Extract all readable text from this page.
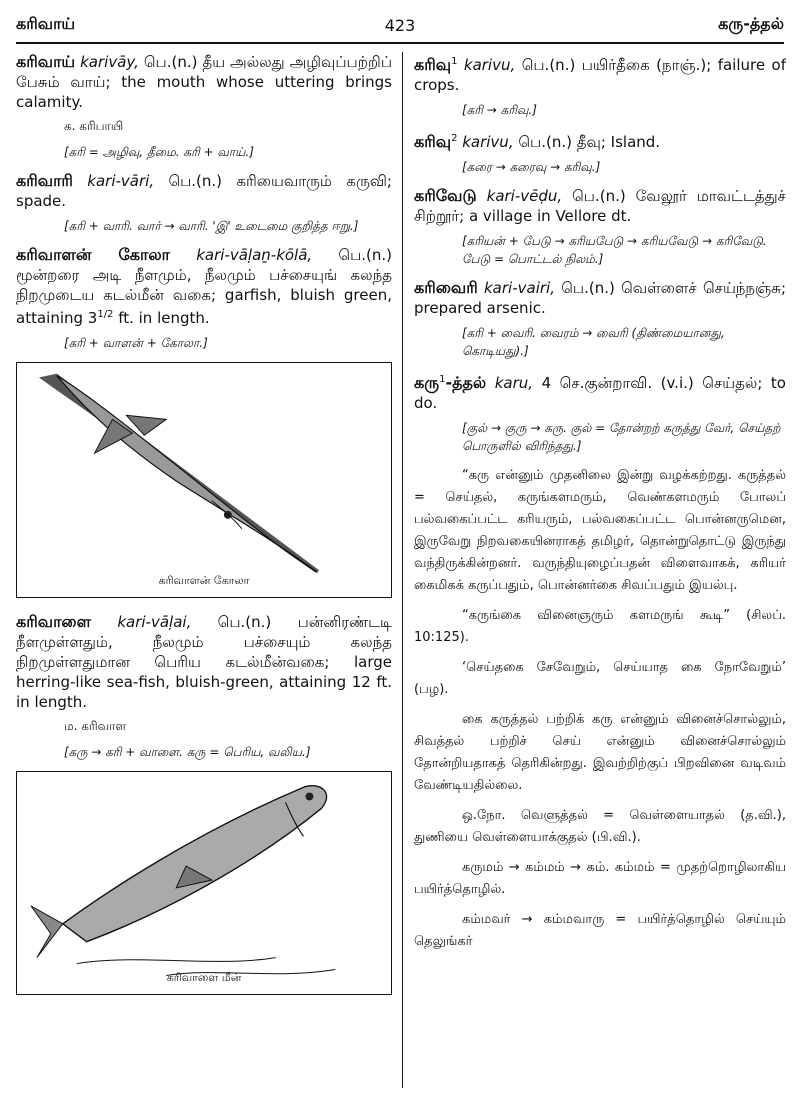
கரிவாய்	423	கரு-த்தல்

கரிவாய் karivāy, பெ.(n.) தீய அல்லது அழிவுப்பற்றிப் பேசும் வாய்; the mouth whose uttering brings calamity.

க. கரிபாயி
[கரி = அழிவு, தீமை. கரி + வாய்.]

கரிவாரி kari-vāri, பெ.(n.) கரியைவாரும் கருவி; spade.

[கரி + வாரி. வார் → வாரி. 'இ' உடைமை குறித்த ஈறு.]

கரிவாளன் கோலா kari-vāḷaṉ-kōlā, பெ.(n.) மூன்றரை அடி நீளமும், நீலமும் பச்சையுங் கலந்த நிறமுடைய கடல்மீன் வகை; garfish, bluish green, attaining $3^{1/2}$ ft. in length.

[கரி + வாளன் + கோலா.]
கரிவாளன் கோலா

கரிவாளை kari-vāḷai, பெ.(n.) பன்னிரண்டடி நீளமுள்ளதும், நீலமும் பச்சையும் கலந்த நிறமுள்ளதுமான பெரிய கடல்மீன்வகை; large herring-like sea-fish, bluish-green, attaining 12 ft. in length.

ம. கரிவாள
[கரு → கரி + வாளை. கரு = பெரிய, வலிய.]
கரிவாளை மீன்

கரிவு$^1$ karivu, பெ.(n.) பயிர்தீகை (நாஞ்.); failure of crops.

[கரி → கரிவு.]

கரிவு$^2$ karivu, பெ.(n.) தீவு; Island.

[கரை → கரைவு → கரிவு.]

கரிவேடு kari-vēḍu, பெ.(n.) வேலூர் மாவட்டத்துச் சிற்றூர்; a village in Vellore dt.

[கரியன் + பேடு → கரியபேடு → கரியவேடு → கரிவேடு. பேடு = பொட்டல் நிலம்.]

கரிவைரி kari-vairi, பெ.(n.) வெள்ளைச் செய்ந்நஞ்சு; prepared arsenic.

[கரி + வைரி. வைரம் → வைரி (திண்மையானது, கொடியது).]

கரு$^1$-த்தல் karu, 4 செ.குன்றாவி. (v.i.) செய்தல்; to do.

[குல் → குரு → கரு. குல் = தோன்றற் கருத்து வேர், செய்தற் பொருளில் விரிந்தது.]

“கரு என்னும் முதனிலை இன்று வழக்கற்றது. கருத்தல் = செய்தல், கருங்களமரும், வெண்களமரும் போலப் பல்வகைப்பட்ட கரியரும், பல்வகைப்பட்ட பொன்னருமென, இருவேறு நிறவகையினராகத் தமிழர், தொன்றுதொட்டு இருந்து வந்திருக்கின்றனர். வருந்தியுழைப்பதன் விளைவாகக், கரியர் கைமிகக் கருப்பதும், பொன்னர்கை சிவப்பதும் இயல்பு.

“கருங்கை வினைஞரும் களமருங் கூடி” (சிலப். 10:125).

‘செய்தகை சேவேறும், செய்யாத கை நோவேறும்’ (பழ).

கை கருத்தல் பற்றிக் கரு என்னும் வினைச்சொல்லும், சிவத்தல் பற்றிச் செய் என்னும் வினைச்சொல்லும் தோன்றியதாகத் தெரிகின்றது. இவற்றிற்குப் பிறவினை வடிவம் வேண்டியதில்லை.

ஒ.நோ. வெளுத்தல் = வெள்ளையாதல் (த.வி.), துணியை வெள்ளையாக்குதல் (பி.வி.).

கருமம் → கம்மம் → கம். கம்மம் = முதற்றொழிலாகிய பயிர்த்தொழில்.

கம்மவர் → கம்மவாரு = பயிர்த்தொழில் செய்யும் தெலுங்கர்
